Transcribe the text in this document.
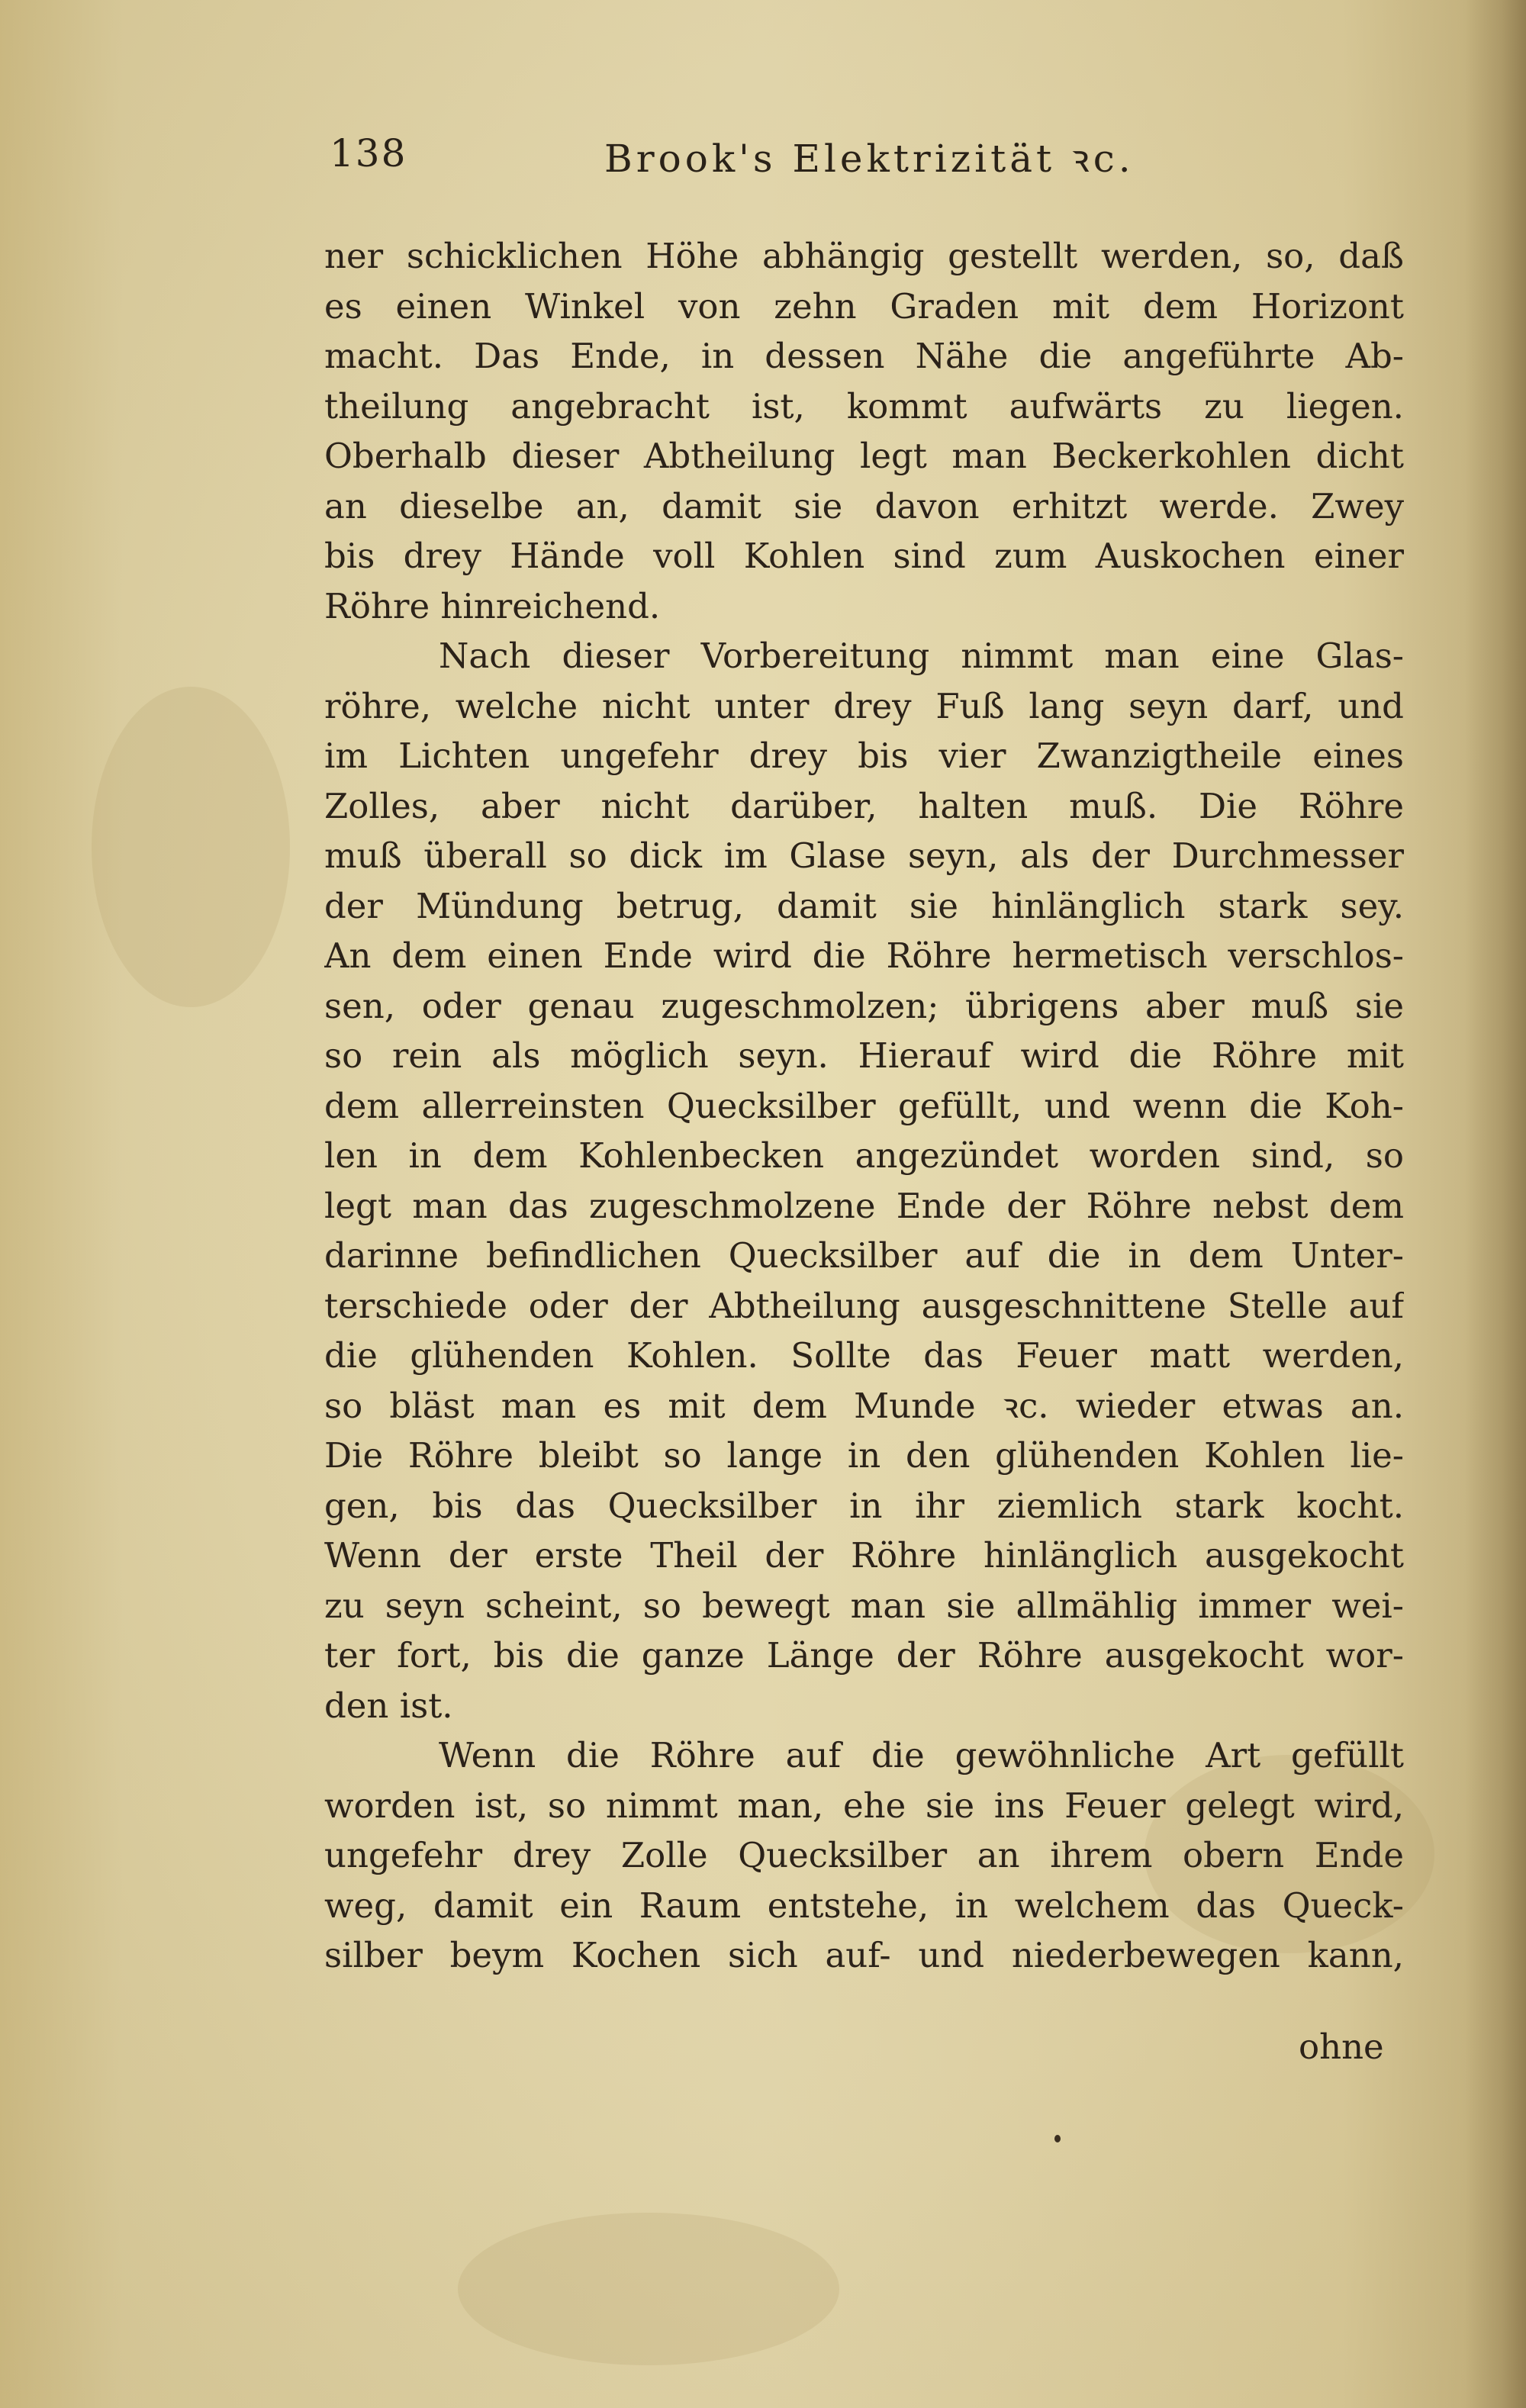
138	Brook's Elektrizität ꝛc.
ner schicklichen Höhe abhängig gestellt werden, so, daß
es einen Winkel von zehn Graden mit dem Horizont
macht. Das Ende, in dessen Nähe die angeführte Ab-
theilung angebracht ist, kommt aufwärts zu liegen.
Oberhalb dieser Abtheilung legt man Beckerkohlen dicht
an dieselbe an, damit sie davon erhitzt werde. Zwey
bis drey Hände voll Kohlen sind zum Auskochen einer
Röhre hinreichend.
Nach dieser Vorbereitung nimmt man eine Glas-
röhre, welche nicht unter drey Fuß lang seyn darf, und
im Lichten ungefehr drey bis vier Zwanzigtheile eines
Zolles, aber nicht darüber, halten muß. Die Röhre
muß überall so dick im Glase seyn, als der Durchmesser
der Mündung betrug, damit sie hinlänglich stark sey.
An dem einen Ende wird die Röhre hermetisch verschlos-
sen, oder genau zugeschmolzen; übrigens aber muß sie
so rein als möglich seyn. Hierauf wird die Röhre mit
dem allerreinsten Quecksilber gefüllt, und wenn die Koh-
len in dem Kohlenbecken angezündet worden sind, so
legt man das zugeschmolzene Ende der Röhre nebst dem
darinne befindlichen Quecksilber auf die in dem Unter-
terschiede oder der Abtheilung ausgeschnittene Stelle auf
die glühenden Kohlen. Sollte das Feuer matt werden,
so bläst man es mit dem Munde ꝛc. wieder etwas an.
Die Röhre bleibt so lange in den glühenden Kohlen lie-
gen, bis das Quecksilber in ihr ziemlich stark kocht.
Wenn der erste Theil der Röhre hinlänglich ausgekocht
zu seyn scheint, so bewegt man sie allmählig immer wei-
ter fort, bis die ganze Länge der Röhre ausgekocht wor-
den ist.
Wenn die Röhre auf die gewöhnliche Art gefüllt
worden ist, so nimmt man, ehe sie ins Feuer gelegt wird,
ungefehr drey Zolle Quecksilber an ihrem obern Ende
weg, damit ein Raum entstehe, in welchem das Queck-
silber beym Kochen sich auf- und niederbewegen kann,
ohne
